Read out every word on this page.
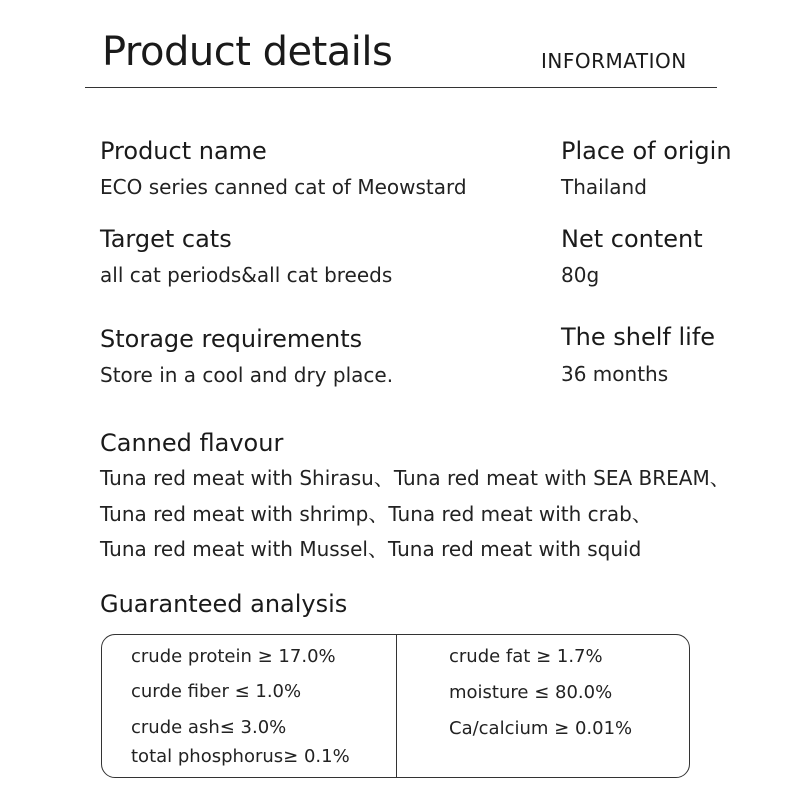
Product details	INFORMATION
Product name
ECO series canned cat of Meowstard
Place of origin
Thailand
Target cats
all cat periods&all cat breeds
Net content
80g
Storage requirements
Store in a cool and dry place.
The shelf life
36 months
Canned flavour
Tuna red meat with Shirasu、Tuna red meat with SEA BREAM、
Tuna red meat with shrimp、Tuna red meat with crab、
Tuna red meat with Mussel、Tuna red meat with squid
Guaranteed analysis
crude protein ≥ 17.0%	crude fat ≥ 1.7%
curde fiber ≤ 1.0%	moisture ≤ 80.0%
crude ash≤ 3.0%	Ca/calcium ≥ 0.01%
total phosphorus≥ 0.1%
